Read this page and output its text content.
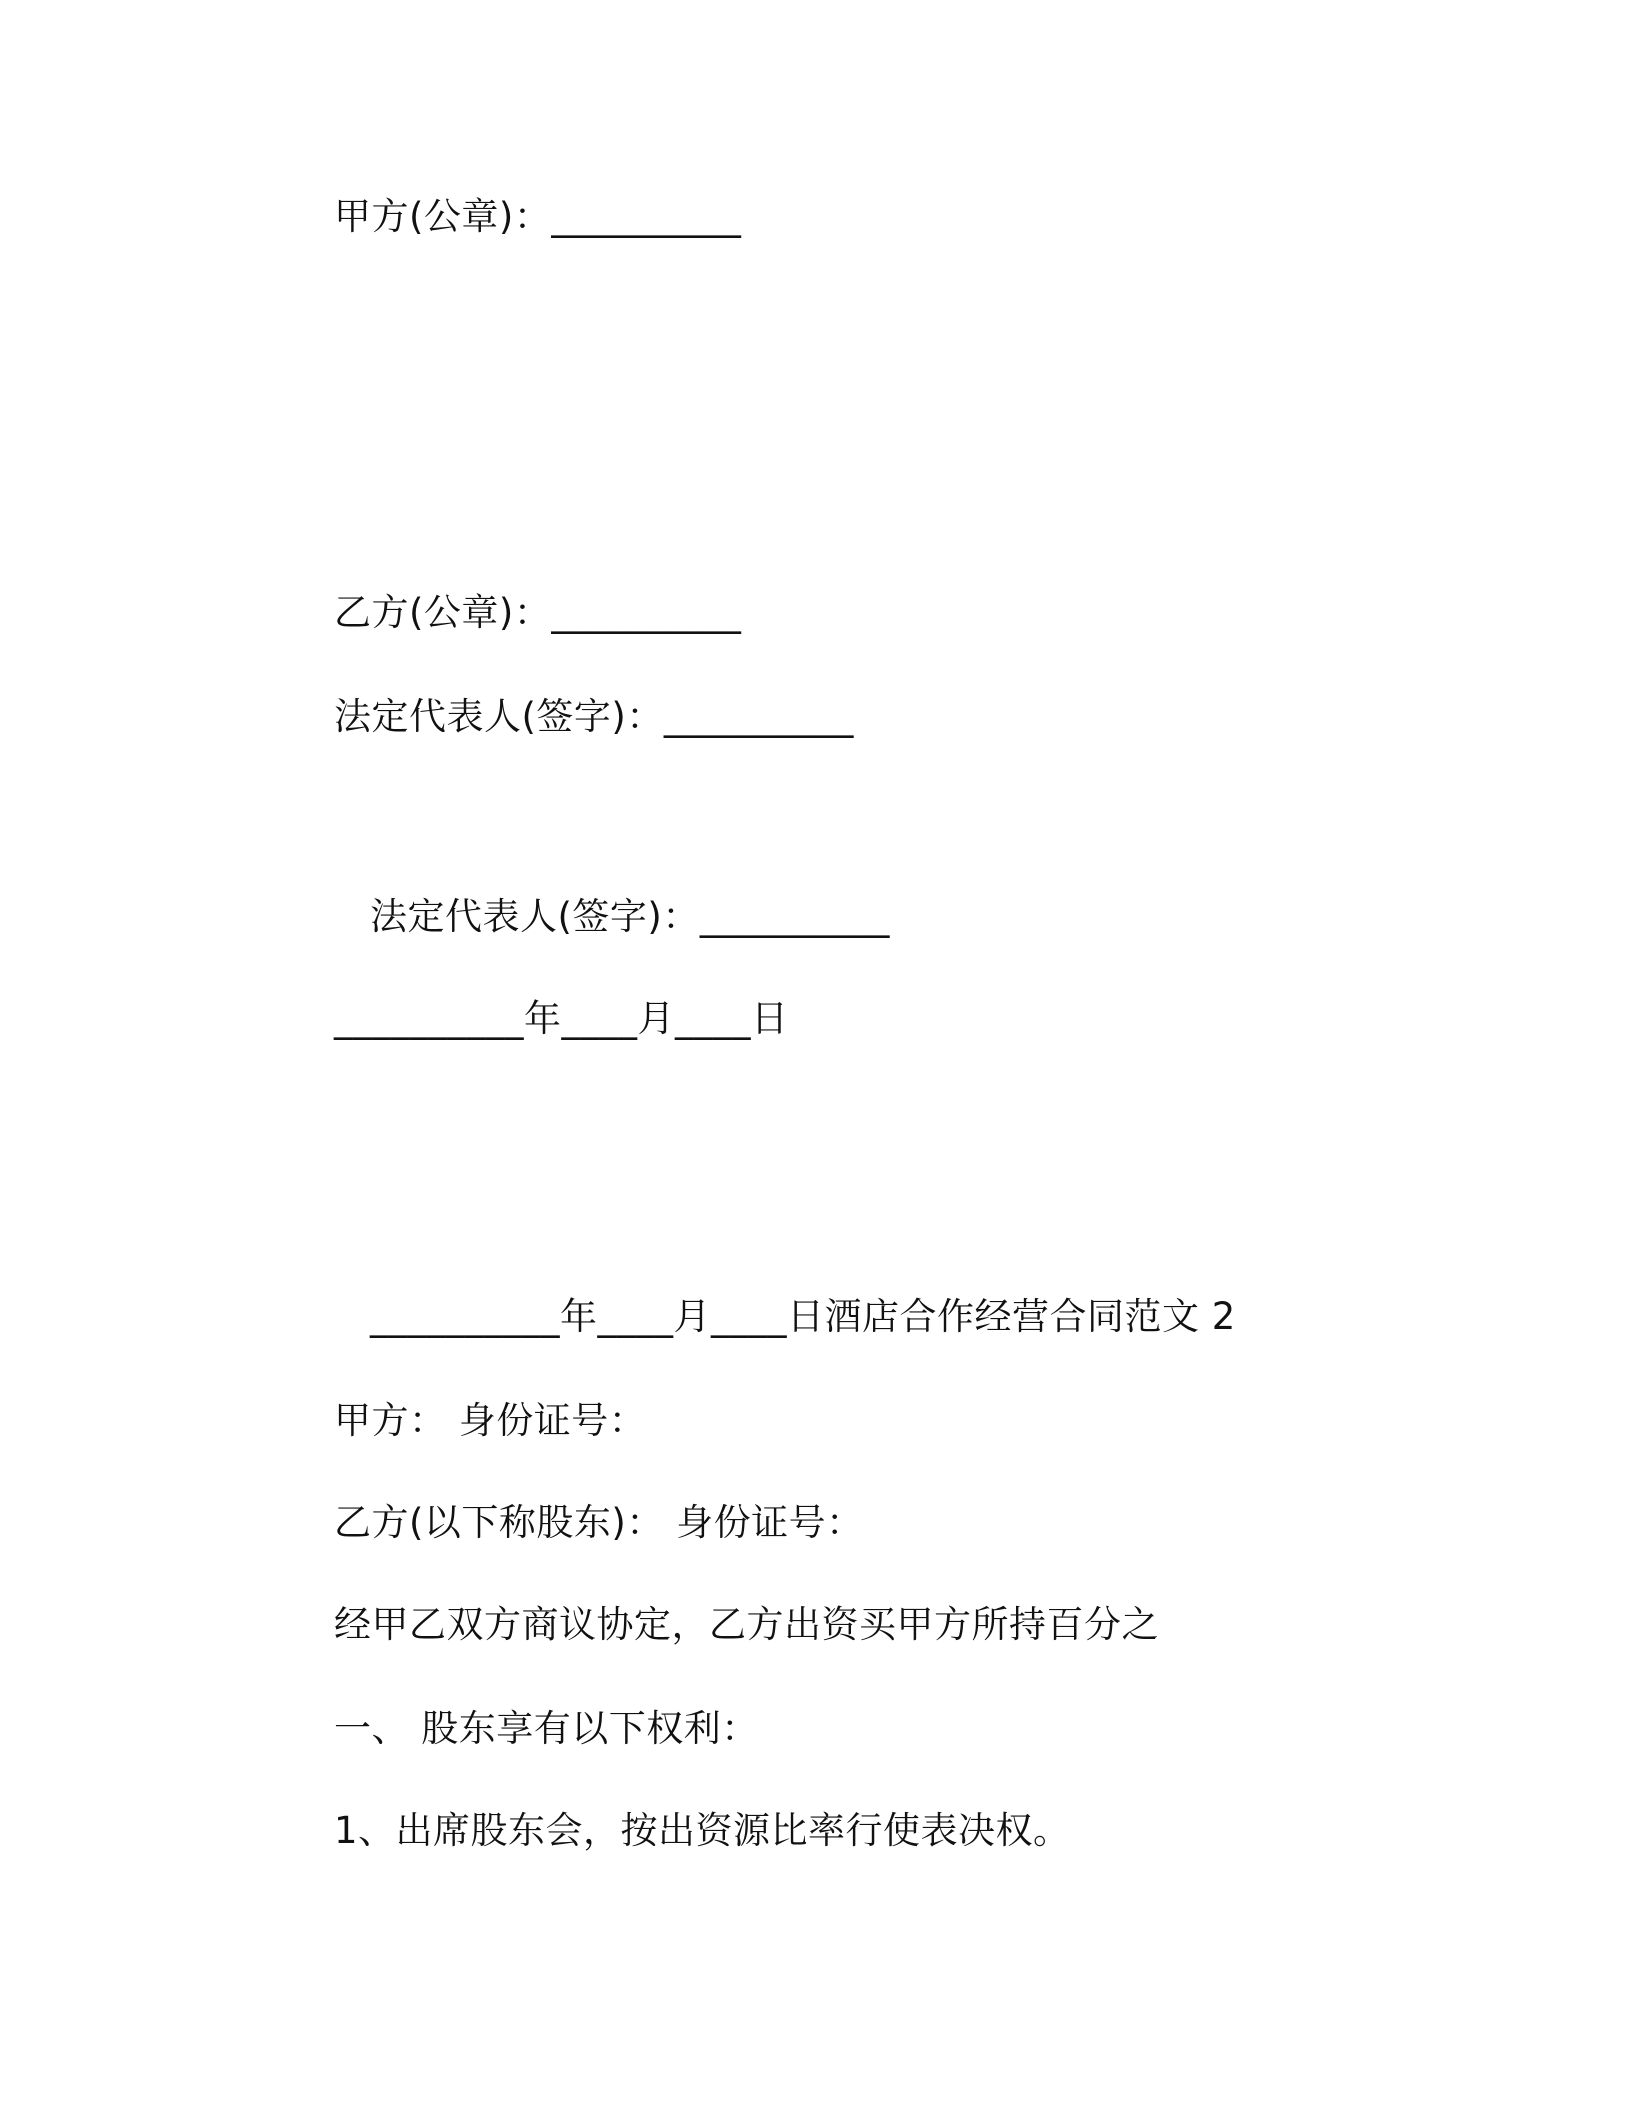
甲方(公章)：__________
乙方(公章)：__________
法定代表人(签字)：__________
法定代表人(签字)：__________
__________年____月____日
__________年____月____日酒店合作经营合同范文 2
甲方： 身份证号：
乙方(以下称股东)： 身份证号：
经甲乙双方商议协定，乙方出资买甲方所持百分之
一、 股东享有以下权利：
1、出席股东会，按出资源比率行使表决权。
